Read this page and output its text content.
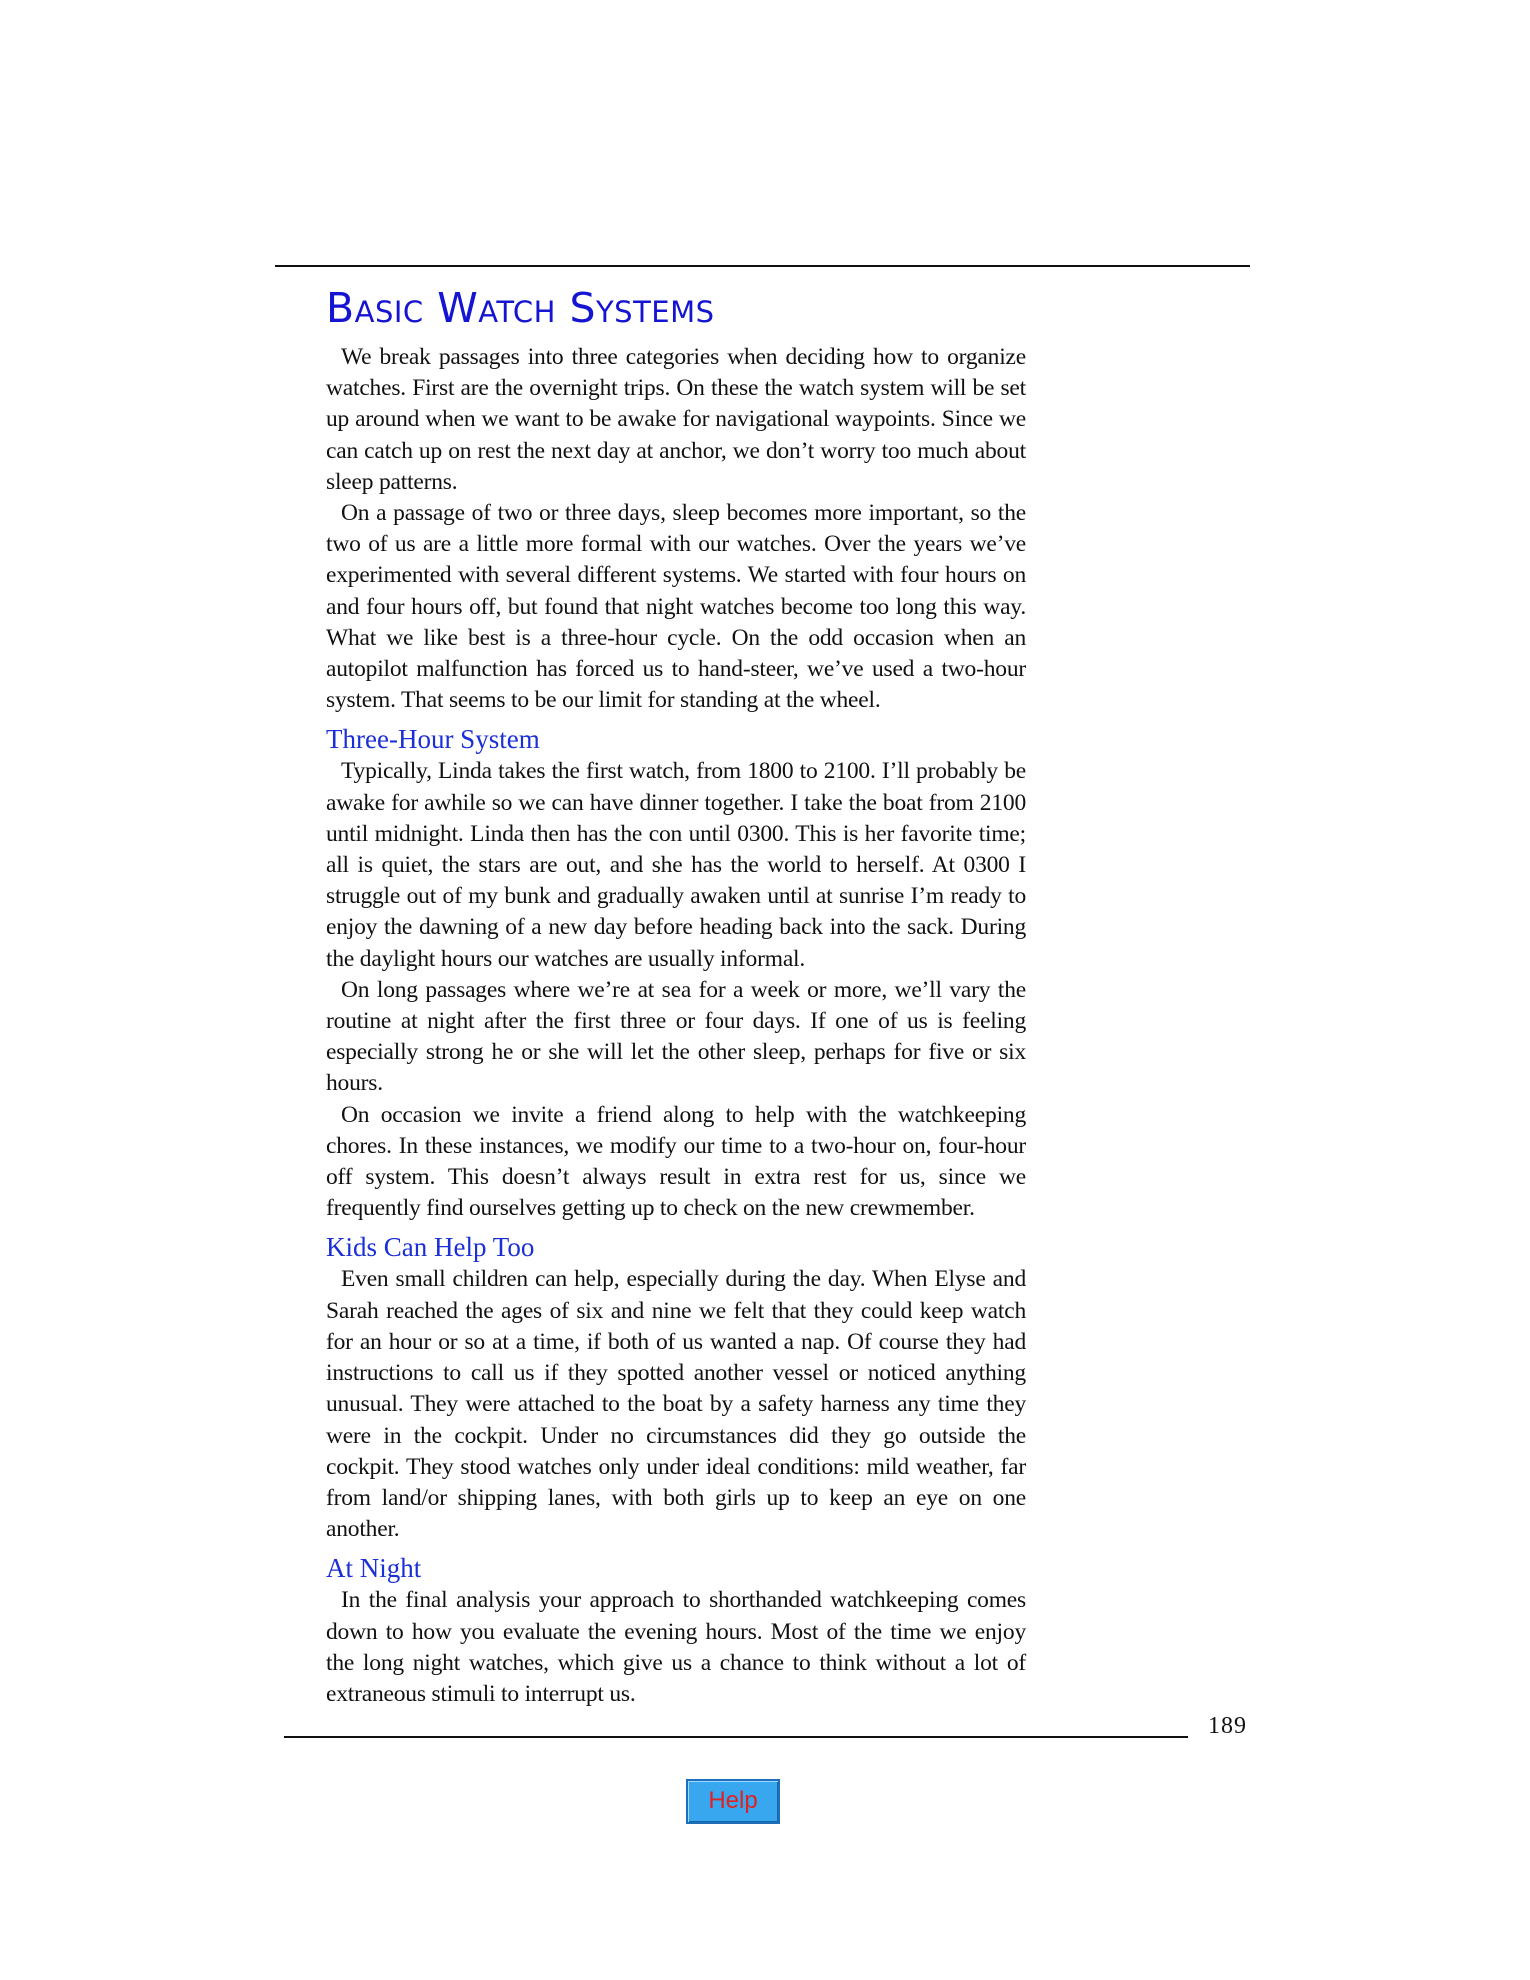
Basic Watch Systems

We break passages into three categories when deciding how to organize watches. First are the overnight trips. On these the watch system will be set up around when we want to be awake for navigational waypoints. Since we can catch up on rest the next day at anchor, we don’t worry too much about sleep patterns.

On a passage of two or three days, sleep becomes more important, so the two of us are a little more formal with our watches. Over the years we’ve experimented with several different systems. We started with four hours on and four hours off, but found that night watches become too long this way. What we like best is a three-hour cycle. On the odd occasion when an autopilot malfunction has forced us to hand-steer, we’ve used a two-hour system. That seems to be our limit for standing at the wheel.

Three-Hour System

Typically, Linda takes the first watch, from 1800 to 2100. I’ll probably be awake for awhile so we can have dinner together. I take the boat from 2100 until midnight. Linda then has the con until 0300. This is her favorite time; all is quiet, the stars are out, and she has the world to herself. At 0300 I struggle out of my bunk and gradually awaken until at sunrise I’m ready to enjoy the dawning of a new day before heading back into the sack. During the daylight hours our watches are usually informal.

On long passages where we’re at sea for a week or more, we’ll vary the routine at night after the first three or four days. If one of us is feeling especially strong he or she will let the other sleep, perhaps for five or six hours.

On occasion we invite a friend along to help with the watchkeeping chores. In these instances, we modify our time to a two-hour on, four-hour off system. This doesn’t always result in extra rest for us, since we frequently find ourselves getting up to check on the new crewmember.

Kids Can Help Too

Even small children can help, especially during the day. When Elyse and Sarah reached the ages of six and nine we felt that they could keep watch for an hour or so at a time, if both of us wanted a nap. Of course they had instructions to call us if they spotted another vessel or noticed anything unusual. They were attached to the boat by a safety harness any time they were in the cockpit. Under no circumstances did they go outside the cockpit. They stood watches only under ideal conditions: mild weather, far from land/or shipping lanes, with both girls up to keep an eye on one another.

At Night

In the final analysis your approach to shorthanded watchkeeping comes down to how you evaluate the evening hours. Most of the time we enjoy the long night watches, which give us a chance to think without a lot of extraneous stimuli to interrupt us.

189
Help
